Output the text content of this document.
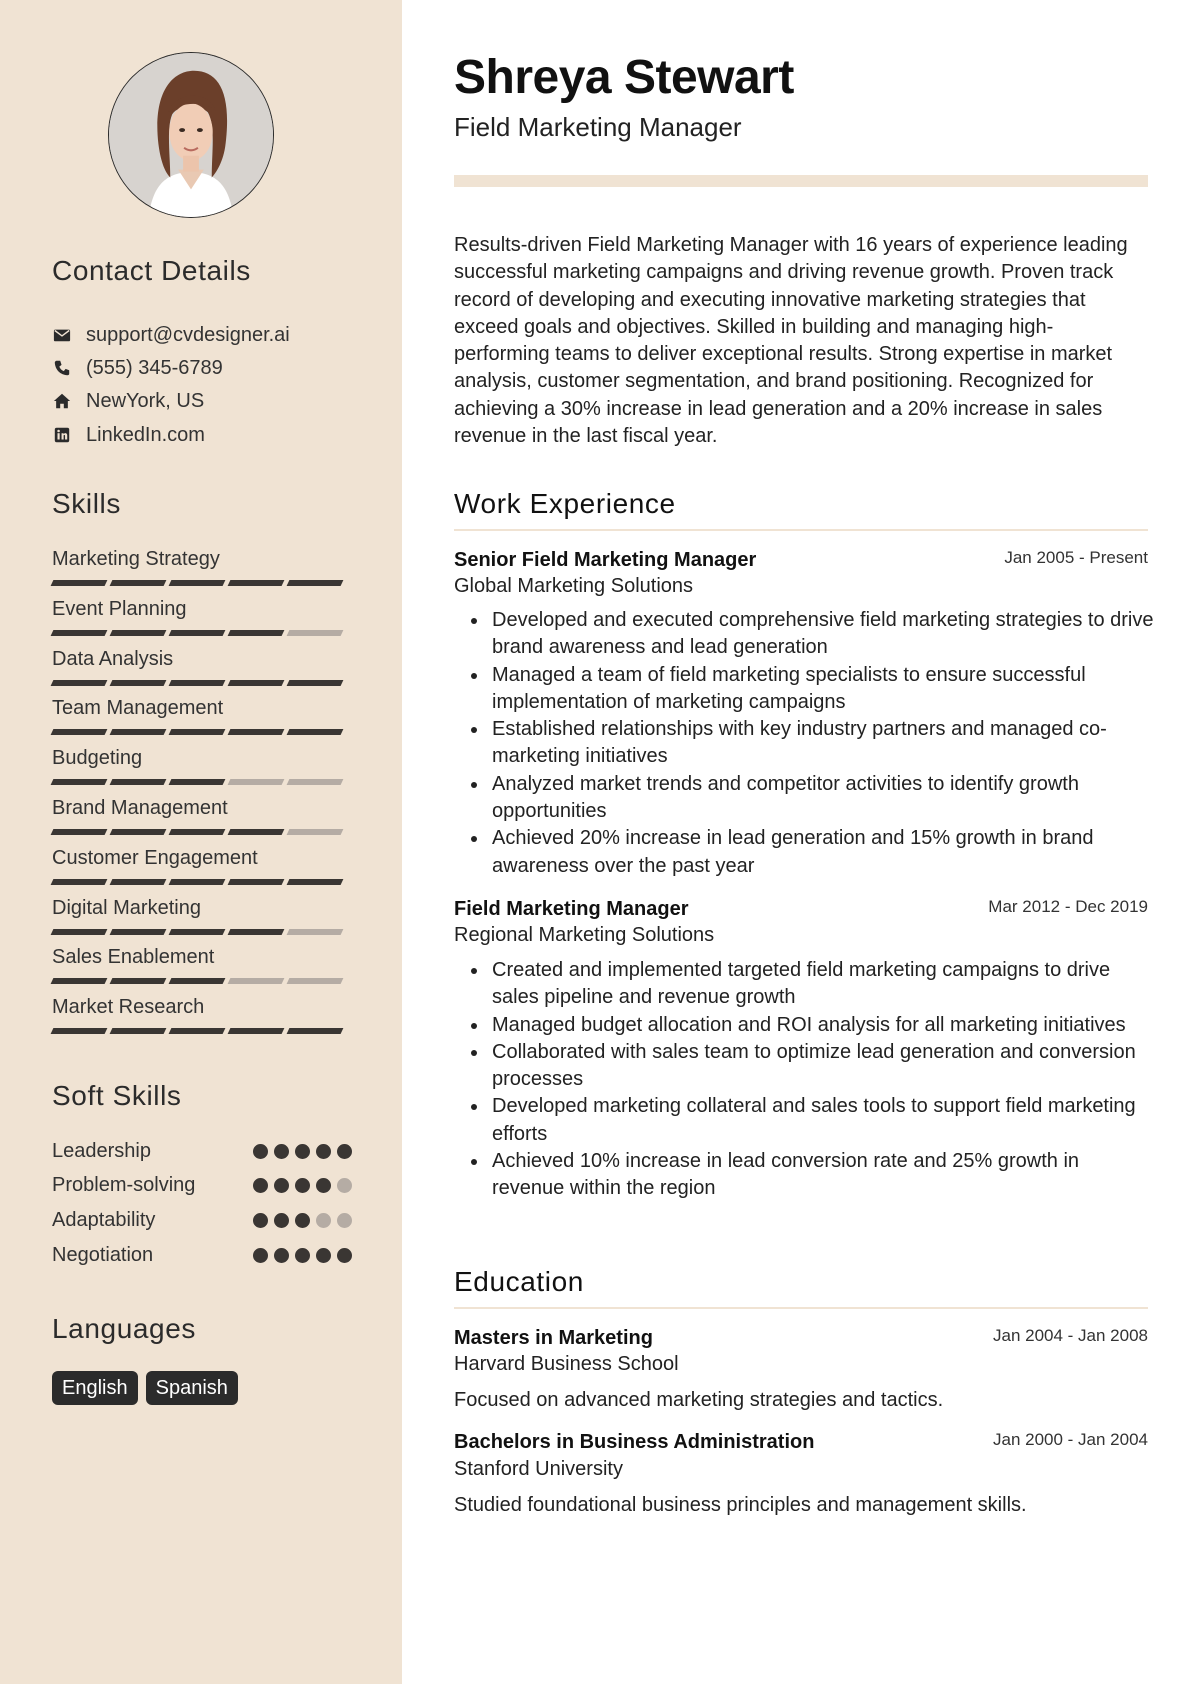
Contact Details
support@cvdesigner.ai
(555) 345-6789
NewYork, US
LinkedIn.com
Skills
Marketing Strategy
Event Planning
Data Analysis
Team Management
Budgeting
Brand Management
Customer Engagement
Digital Marketing
Sales Enablement
Market Research
Soft Skills
Leadership
Problem-solving
Adaptability
Negotiation
Languages
English	Spanish
Shreya Stewart
Field Marketing Manager

Results-driven Field Marketing Manager with 16 years of experience leading successful marketing campaigns and driving revenue growth. Proven track record of developing and executing innovative marketing strategies that exceed goals and objectives. Skilled in building and managing high-performing teams to deliver exceptional results. Strong expertise in market analysis, customer segmentation, and brand positioning. Recognized for achieving a 30% increase in lead generation and a 20% increase in sales revenue in the last fiscal year.

Work Experience
Senior Field Marketing Manager	Jan 2005 - Present
Global Marketing Solutions
Developed and executed comprehensive field marketing strategies to drive brand awareness and lead generation
Managed a team of field marketing specialists to ensure successful implementation of marketing campaigns
Established relationships with key industry partners and managed co-marketing initiatives
Analyzed market trends and competitor activities to identify growth opportunities
Achieved 20% increase in lead generation and 15% growth in brand awareness over the past year
Field Marketing Manager	Mar 2012 - Dec 2019
Regional Marketing Solutions
Created and implemented targeted field marketing campaigns to drive sales pipeline and revenue growth
Managed budget allocation and ROI analysis for all marketing initiatives
Collaborated with sales team to optimize lead generation and conversion processes
Developed marketing collateral and sales tools to support field marketing efforts
Achieved 10% increase in lead conversion rate and 25% growth in revenue within the region
Education
Masters in Marketing	Jan 2004 - Jan 2008
Harvard Business School
Focused on advanced marketing strategies and tactics.
Bachelors in Business Administration	Jan 2000 - Jan 2004
Stanford University
Studied foundational business principles and management skills.
